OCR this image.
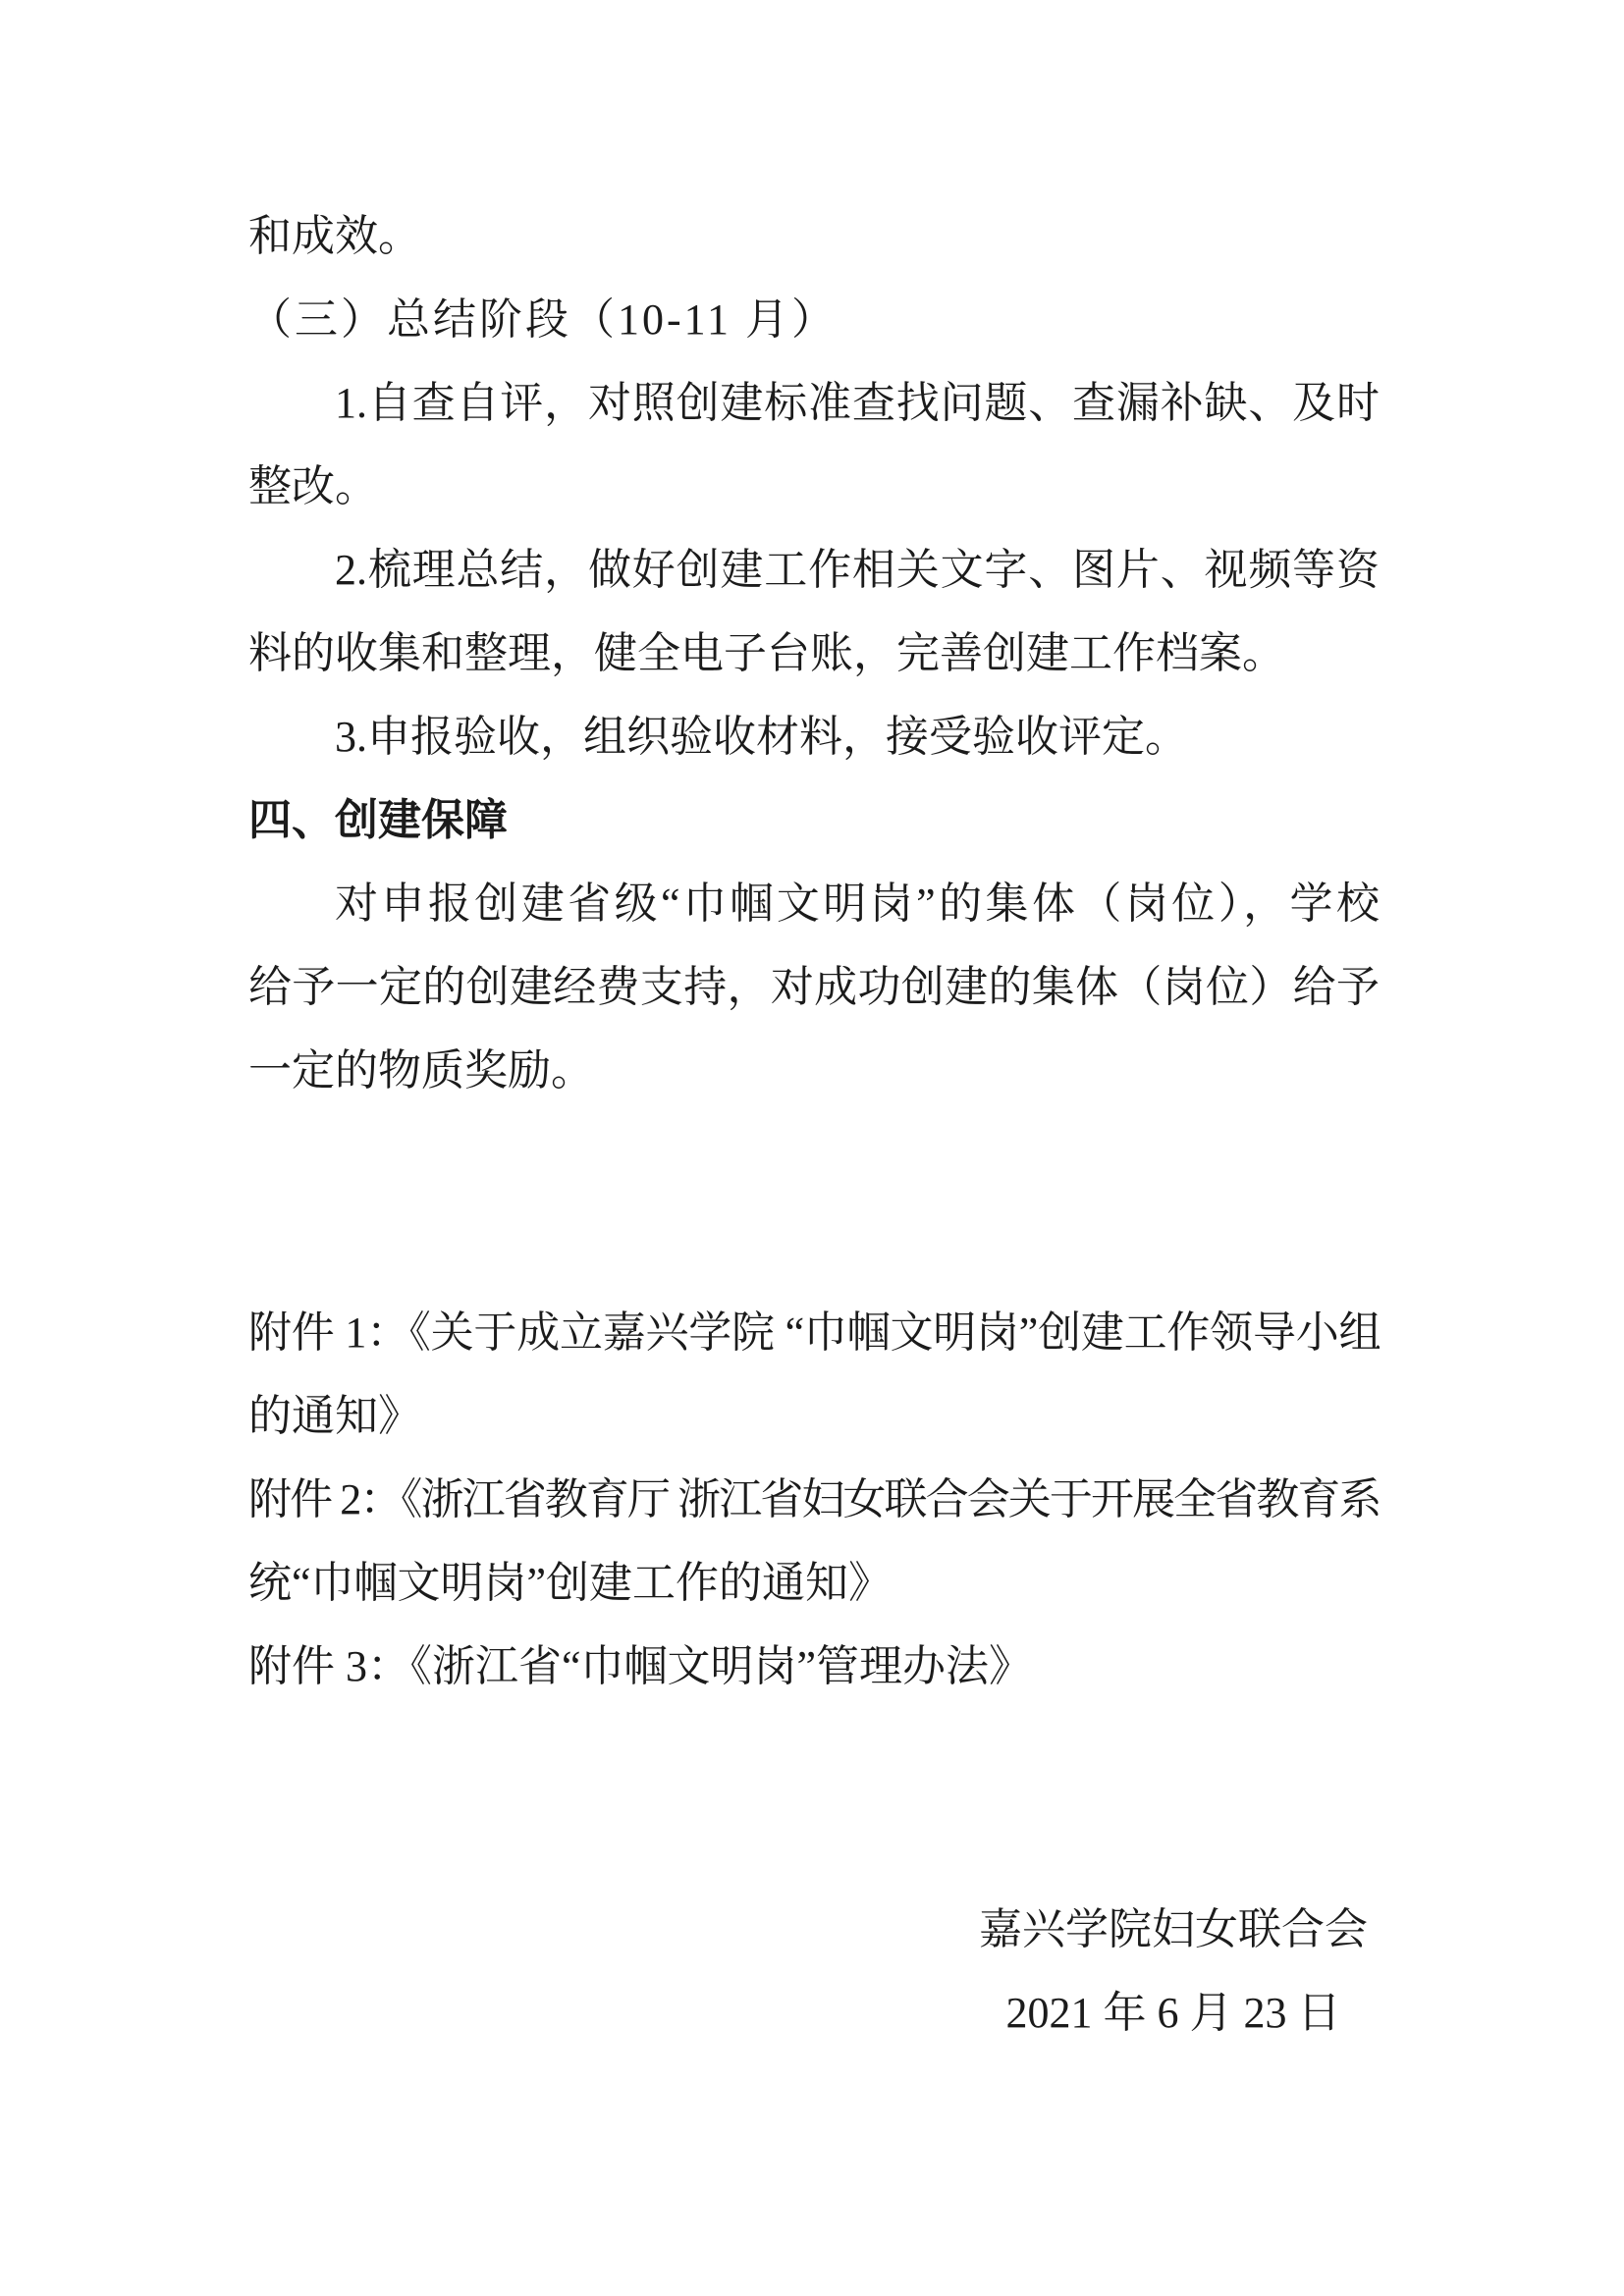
和成效。
（三）总结阶段（10-11 月）
1.自查自评，对照创建标准查找问题、查漏补缺、及时
整改。
2.梳理总结，做好创建工作相关文字、图片、视频等资
料的收集和整理，健全电子台账，完善创建工作档案。
3.申报验收，组织验收材料，接受验收评定。
四、创建保障
对申报创建省级“巾帼文明岗”的集体（岗位），学校
给予一定的创建经费支持，对成功创建的集体（岗位）给予
一定的物质奖励。
附件 1：《关于成立嘉兴学院 “巾帼文明岗”创建工作领导小组
的通知》
附件 2：《浙江省教育厅 浙江省妇女联合会关于开展全省教育系
统“巾帼文明岗”创建工作的通知》
附件 3：《浙江省“巾帼文明岗”管理办法》
嘉兴学院妇女联合会
2021 年 6 月 23 日
